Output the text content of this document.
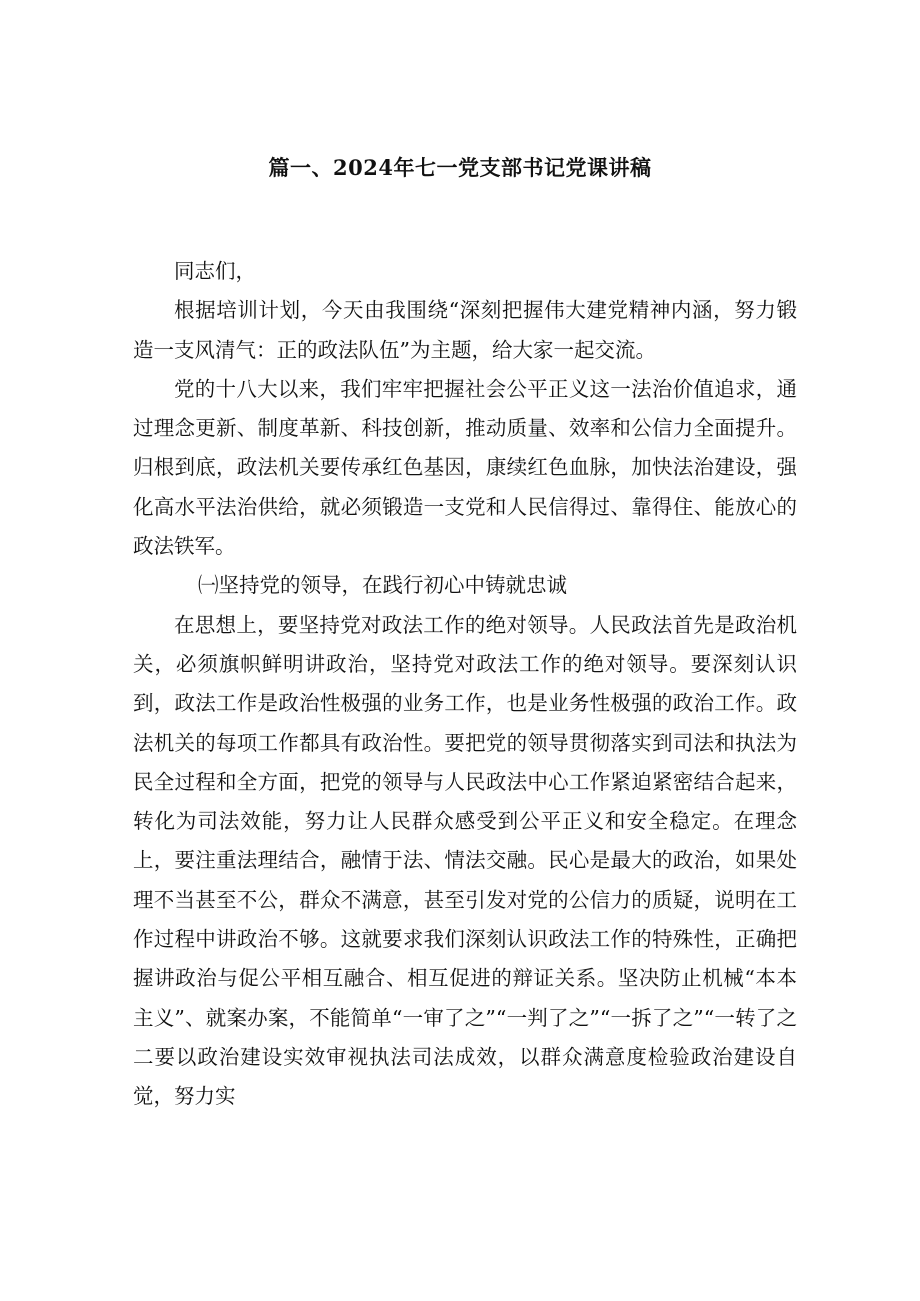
篇一、2024年七一党支部书记党课讲稿

同志们，

根据培训计划，今天由我围绕“深刻把握伟大建党精神内涵，努力锻造一支风清气：正的政法队伍”为主题，给大家一起交流。

党的十八大以来，我们牢牢把握社会公平正义这一法治价值追求，通过理念更新、制度革新、科技创新，推动质量、效率和公信力全面提升。归根到底，政法机关要传承红色基因，康续红色血脉，加快法治建设，强化高水平法治供给，就必须锻造一支党和人民信得过、靠得住、能放心的政法铁军。

㈠坚持党的领导，在践行初心中铸就忠诚

在思想上，要坚持党对政法工作的绝对领导。人民政法首先是政治机关，必须旗帜鲜明讲政治，坚持党对政法工作的绝对领导。要深刻认识到，政法工作是政治性极强的业务工作，也是业务性极强的政治工作。政法机关的每项工作都具有政治性。要把党的领导贯彻落实到司法和执法为民全过程和全方面，把党的领导与人民政法中心工作紧迫紧密结合起来，转化为司法效能，努力让人民群众感受到公平正义和安全稳定。在理念上，要注重法理结合，融情于法、情法交融。民心是最大的政治，如果处理不当甚至不公，群众不满意，甚至引发对党的公信力的质疑，说明在工作过程中讲政治不够。这就要求我们深刻认识政法工作的特殊性，正确把握讲政治与促公平相互融合、相互促进的辩证关系。坚决防止机械“本本主义”、就案办案，不能简单“一审了之”“一判了之”“一拆了之”“一转了之二要以政治建设实效审视执法司法成效，以群众满意度检验政治建设自觉，努力实
